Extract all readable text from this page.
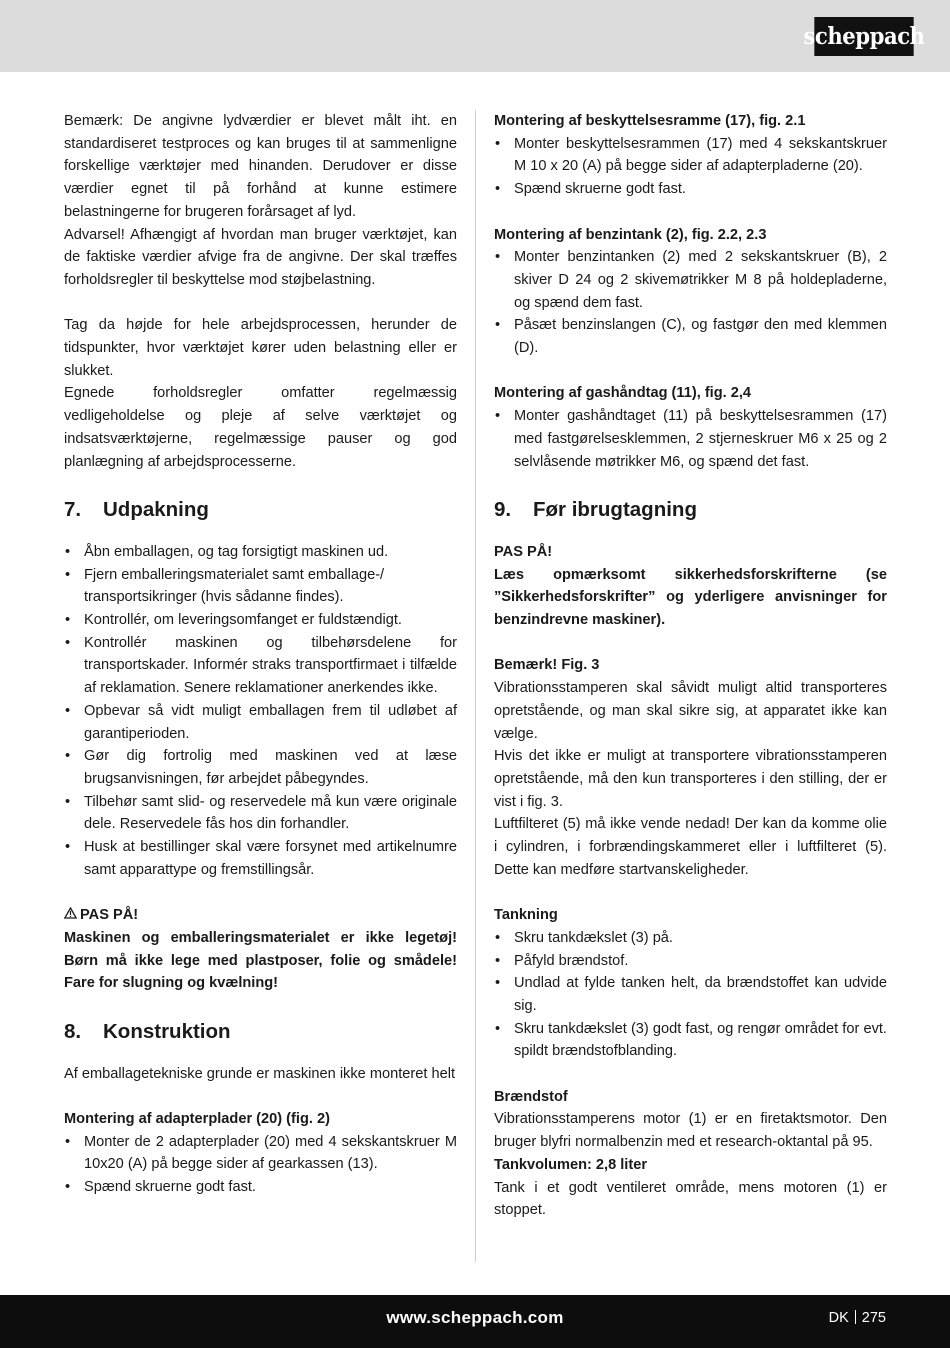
scheppach

Bemærk: De angivne lydværdier er blevet målt iht. en standardiseret testproces og kan bruges til at sammenligne forskellige værktøjer med hinanden. Derudover er disse værdier egnet til på forhånd at kunne estimere belastningerne for brugeren forårsaget af lyd.

Advarsel! Afhængigt af hvordan man bruger værktøjet, kan de faktiske værdier afvige fra de angivne. Der skal træffes forholdsregler til beskyttelse mod støjbelastning.

Tag da højde for hele arbejdsprocessen, herunder de tidspunkter, hvor værktøjet kører uden belastning eller er slukket.

Egnede forholdsregler omfatter regelmæssig vedligeholdelse og pleje af selve værktøjet og indsatsværktøjerne, regelmæssige pauser og god planlægning af arbejdsprocesserne.

7.	Udpakning
• Åbn emballagen, og tag forsigtigt maskinen ud.
• Fjern emballeringsmaterialet samt emballage-/ transportsikringer (hvis sådanne findes).
• Kontrollér, om leveringsomfanget er fuldstændigt.
• Kontrollér maskinen og tilbehørsdelene for transportskader. Informér straks transportfirmaet i tilfælde af reklamation. Senere reklamationer anerkendes ikke.
• Opbevar så vidt muligt emballagen frem til udløbet af garantiperioden.
• Gør dig fortrolig med maskinen ved at læse brugsanvisningen, før arbejdet påbegyndes.
• Tilbehør samt slid- og reservedele må kun være originale dele. Reservedele fås hos din forhandler.
• Husk at bestillinger skal være forsynet med artikelnumre samt apparattype og fremstillingsår.

PAS PÅ!

Maskinen og emballeringsmaterialet er ikke legetøj! Børn må ikke lege med plastposer, folie og smådele! Fare for slugning og kvælning!

8.	Konstruktion

Af emballagetekniske grunde er maskinen ikke monteret helt

Montering af adapterplader (20) (fig. 2)

• Monter de 2 adapterplader (20) med 4 sekskantskruer M 10x20 (A) på begge sider af gearkassen (13).
• Spænd skruerne godt fast.

Montering af beskyttelsesramme (17), fig. 2.1

• Monter beskyttelsesrammen (17) med 4 sekskantskruer M 10 x 20 (A) på begge sider af adapterpladerne (20).
• Spænd skruerne godt fast.

Montering af benzintank (2), fig. 2.2, 2.3

• Monter benzintanken (2) med 2 sekskantskruer (B), 2 skiver D 24 og 2 skivemøtrikker M 8 på holdepladerne, og spænd dem fast.
• Påsæt benzinslangen (C), og fastgør den med klemmen (D).

Montering af gashåndtag (11), fig. 2,4

• Monter gashåndtaget (11) på beskyttelsesrammen (17) med fastgørelsesklemmen, 2 stjerneskruer M6 x 25 og 2 selvlåsende møtrikker M6, og spænd det fast.
9.	Før ibrugtagning

PAS PÅ!

Læs opmærksomt sikkerhedsforskrifterne (se ”Sikkerhedsforskrifter” og yderligere anvisninger for benzindrevne maskiner).

Bemærk! Fig. 3

Vibrationsstamperen skal såvidt muligt altid transporteres opretstående, og man skal sikre sig, at apparatet ikke kan vælge.

Hvis det ikke er muligt at transportere vibrationsstamperen opretstående, må den kun transporteres i den stilling, der er vist i fig. 3.

Luftfilteret (5) må ikke vende nedad! Der kan da komme olie i cylindren, i forbrændingskammeret eller i luftfilteret (5). Dette kan medføre startvanskeligheder.

Tankning

• Skru tankdækslet (3) på.
• Påfyld brændstof.
• Undlad at fylde tanken helt, da brændstoffet kan udvide sig.
• Skru tankdækslet (3) godt fast, og rengør området for evt. spildt brændstofblanding.

Brændstof

Vibrationsstamperens motor (1) er en firetaktsmotor. Den bruger blyfri normalbenzin med et research-oktantal på 95.

Tankvolumen: 2,8 liter

Tank i et godt ventileret område, mens motoren (1) er stoppet.

www.scheppach.com	DK 275
